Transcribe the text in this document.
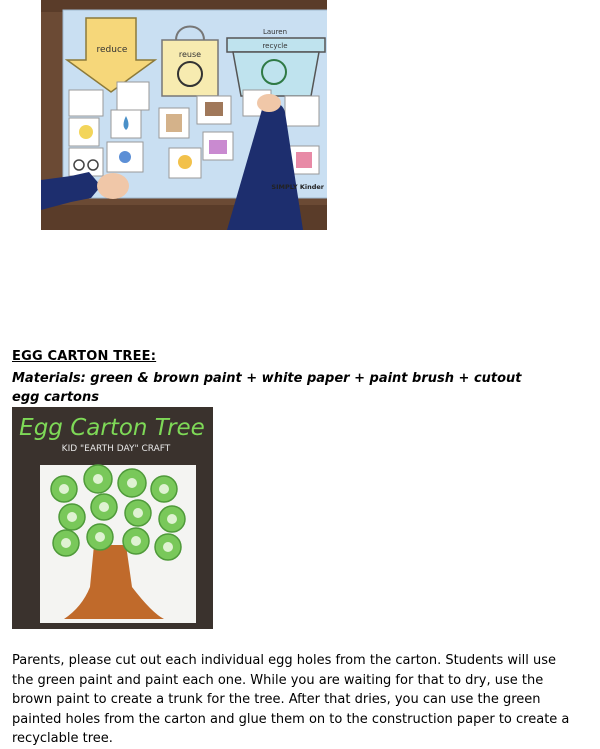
reduce	reuse
Lauren
recycle
SIMPLY Kinder
EGG CARTON TREE:
Materials: green & brown paint + white paper + paint brush + cutout egg cartons
Egg Carton Tree
KID "EARTH DAY" CRAFT
Parents, please cut out each individual egg holes from the carton. Students will use the green paint and paint each one. While you are waiting for that to dry, use the brown paint to create a trunk for the tree. After that dries, you can use the green painted holes from the carton and glue them on to the construction paper to create a recyclable tree.
